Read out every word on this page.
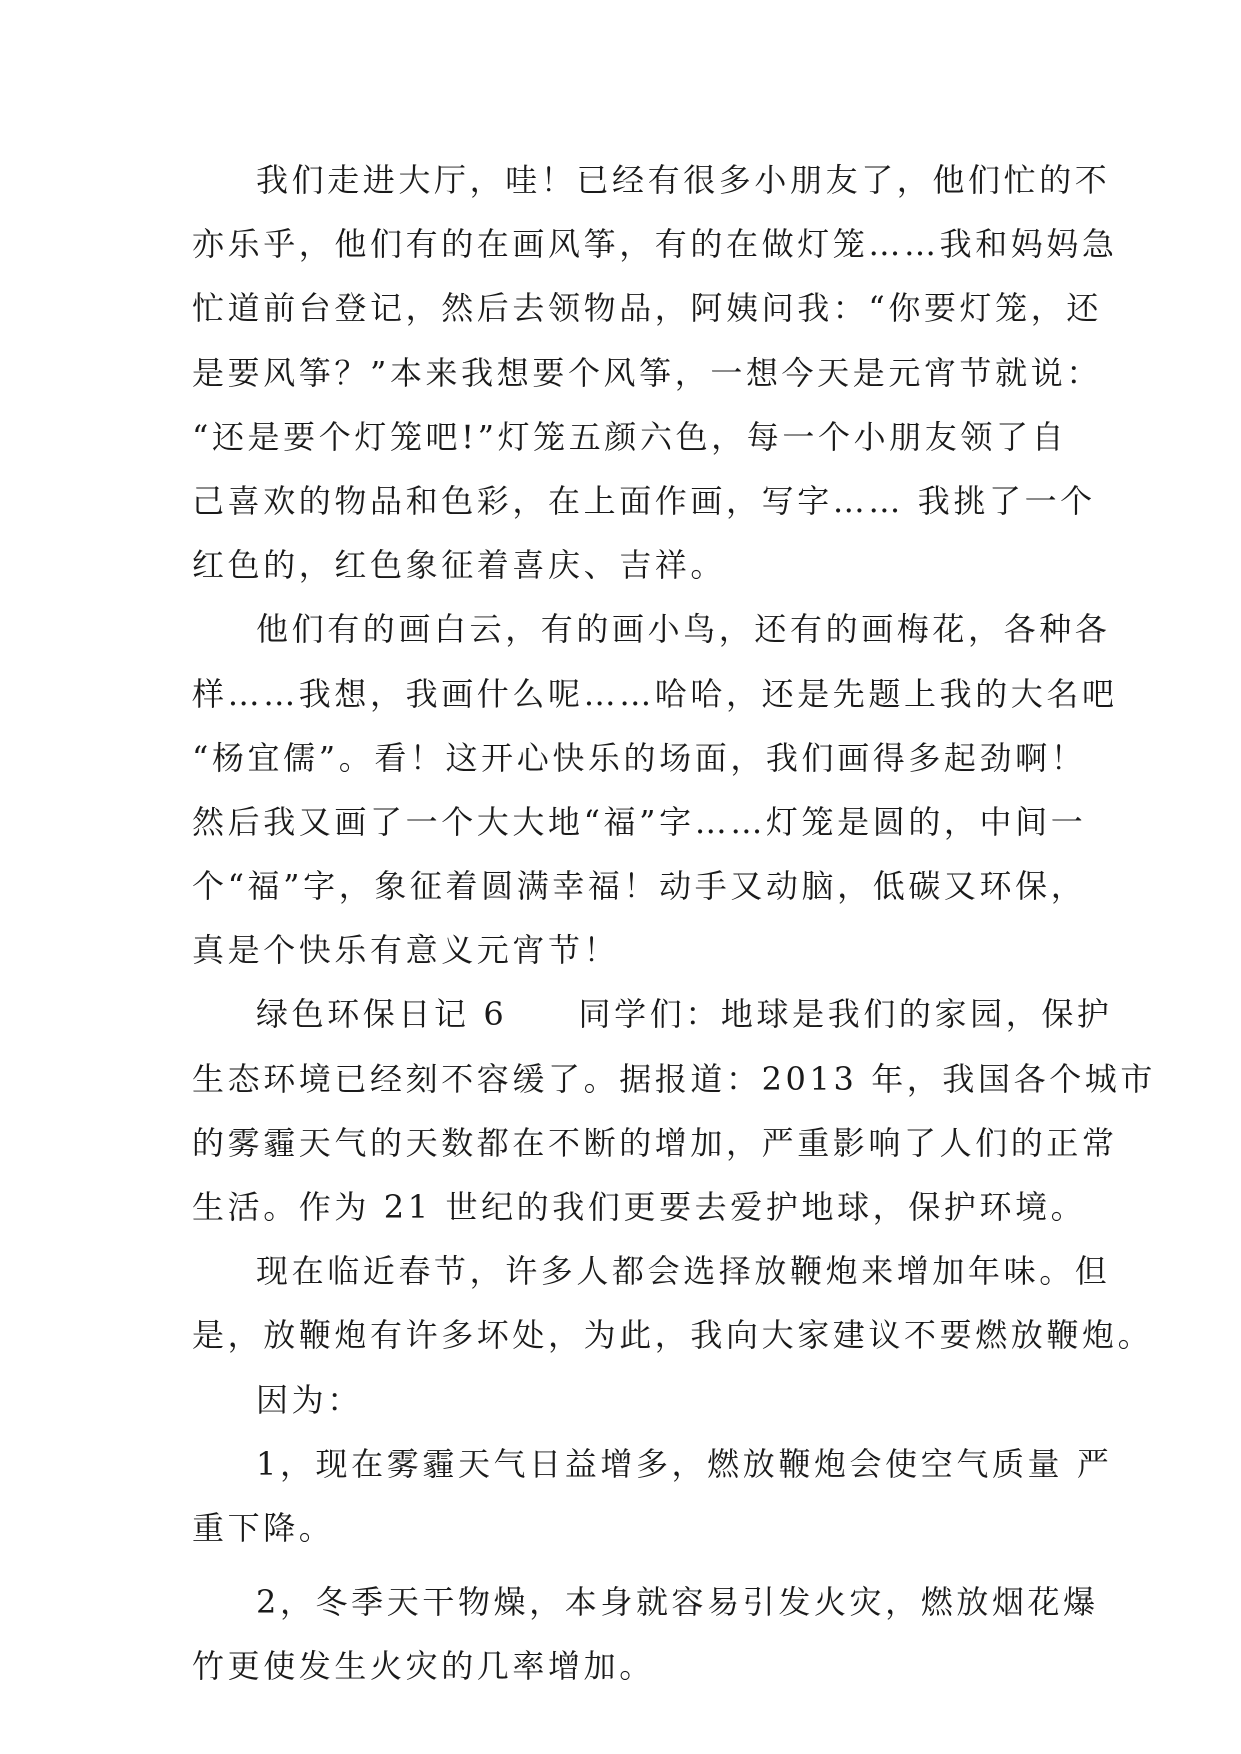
我们走进大厅，哇！已经有很多小朋友了，他们忙的不
亦乐乎，他们有的在画风筝，有的在做灯笼……我和妈妈急
忙道前台登记，然后去领物品，阿姨问我：“你要灯笼，还
是要风筝？”本来我想要个风筝，一想今天是元宵节就说：
“还是要个灯笼吧!”灯笼五颜六色，每一个小朋友领了自
己喜欢的物品和色彩，在上面作画，写字…… 我挑了一个
红色的，红色象征着喜庆、吉祥。
他们有的画白云，有的画小鸟，还有的画梅花，各种各
样……我想，我画什么呢……哈哈，还是先题上我的大名吧
“杨宜儒”。看！这开心快乐的场面，我们画得多起劲啊！
然后我又画了一个大大地“福”字……灯笼是圆的，中间一
个“福”字，象征着圆满幸福！动手又动脑，低碳又环保，
真是个快乐有意义元宵节！
绿色环保日记 6　　同学们：地球是我们的家园，保护
生态环境已经刻不容缓了。据报道：2013 年，我国各个城市
的雾霾天气的天数都在不断的增加，严重影响了人们的正常
生活。作为 21 世纪的我们更要去爱护地球，保护环境。
现在临近春节，许多人都会选择放鞭炮来增加年味。但
是，放鞭炮有许多坏处，为此，我向大家建议不要燃放鞭炮。
因为：
1，现在雾霾天气日益增多，燃放鞭炮会使空气质量 严
重下降。
2，冬季天干物燥，本身就容易引发火灾，燃放烟花爆
竹更使发生火灾的几率增加。
